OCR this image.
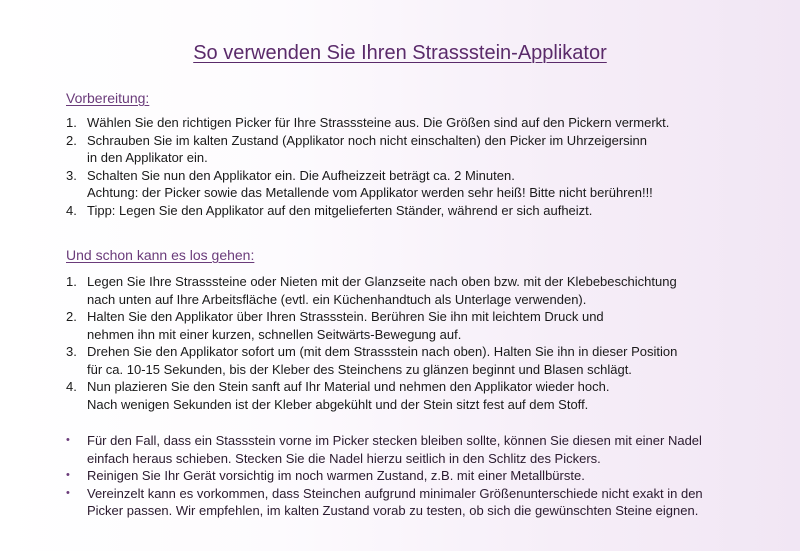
So verwenden Sie Ihren Strassstein-Applikator
Vorbereitung:
1. Wählen Sie den richtigen Picker für Ihre Strasssteine aus. Die Größen sind auf den Pickern vermerkt.
2. Schrauben Sie im kalten Zustand (Applikator noch nicht einschalten) den Picker im Uhrzeigersinn
in den Applikator ein.
3. Schalten Sie nun den Applikator ein. Die Aufheizzeit beträgt ca. 2 Minuten.
Achtung: der Picker sowie das Metallende vom Applikator werden sehr heiß! Bitte nicht berühren!!!
4. Tipp: Legen Sie den Applikator auf den mitgelieferten Ständer, während er sich aufheizt.
Und schon kann es los gehen:
1. Legen Sie Ihre Strasssteine oder Nieten mit der Glanzseite nach oben bzw. mit der Klebebeschichtung
nach unten auf Ihre Arbeitsfläche (evtl. ein Küchenhandtuch als Unterlage verwenden).
2. Halten Sie den Applikator über Ihren Strassstein. Berühren Sie ihn mit leichtem Druck und
nehmen ihn mit einer kurzen, schnellen Seitwärts-Bewegung auf.
3. Drehen Sie den Applikator sofort um (mit dem Strassstein nach oben). Halten Sie ihn in dieser Position
für ca. 10-15 Sekunden, bis der Kleber des Steinchens zu glänzen beginnt und Blasen schlägt.
4. Nun plazieren Sie den Stein sanft auf Ihr Material und nehmen den Applikator wieder hoch.
Nach wenigen Sekunden ist der Kleber abgekühlt und der Stein sitzt fest auf dem Stoff.
• Für den Fall, dass ein Stassstein vorne im Picker stecken bleiben sollte, können Sie diesen mit einer Nadel
einfach heraus schieben. Stecken Sie die Nadel hierzu seitlich in den Schlitz des Pickers.
• Reinigen Sie Ihr Gerät vorsichtig im noch warmen Zustand, z.B. mit einer Metallbürste.
• Vereinzelt kann es vorkommen, dass Steinchen aufgrund minimaler Größenunterschiede nicht exakt in den
Picker passen. Wir empfehlen, im kalten Zustand vorab zu testen, ob sich die gewünschten Steine eignen.
